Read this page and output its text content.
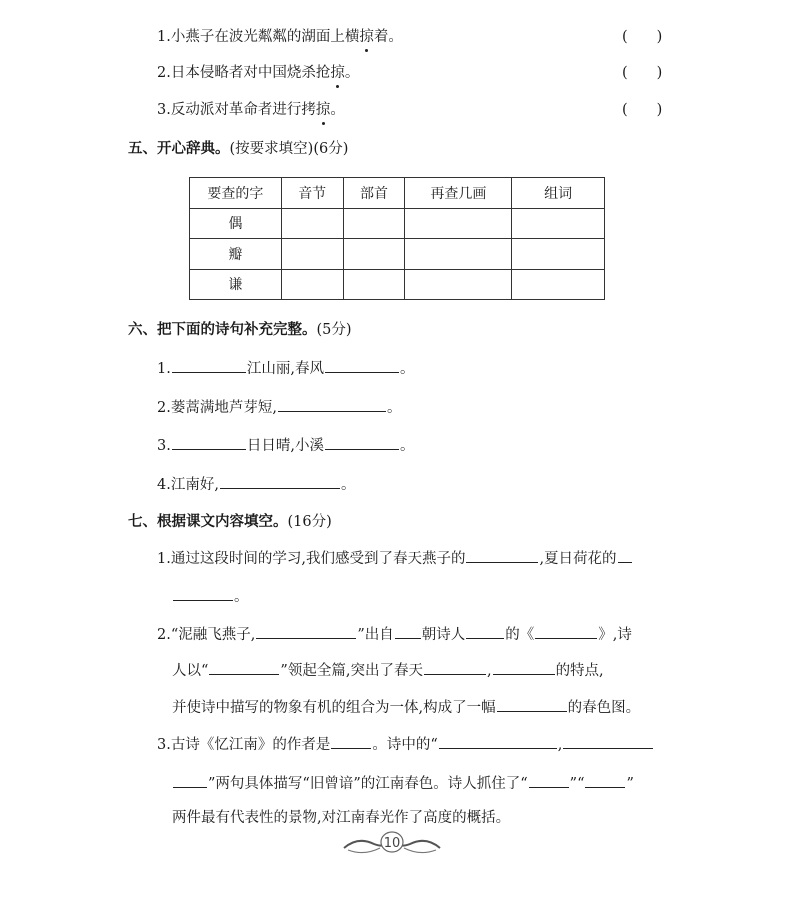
1.小燕子在波光粼粼的湖面上横掠着。	(　　)
2.日本侵略者对中国烧杀抢掠。	(　　)
3.反动派对革命者进行拷掠。	(　　)
五、开心辞典。(按要求填空)(6分)
要查的字	音节	部首	再查几画	组词
偶				
瓣				
谦				
六、把下面的诗句补充完整。(5分)
1.	江山丽,春风	。
2.蒌蒿满地芦芽短,	。
3.	日日晴,小溪	。
4.江南好,	。
七、根据课文内容填空。(16分)
1.通过这段时间的学习,我们感受到了春天燕子的	,夏日荷花的
。
2.“泥融飞燕子,	”出自 朝诗人	的《	》,诗
人以“	”领起全篇,突出了春天	,	的特点,
并使诗中描写的物象有机的组合为一体,构成了一幅	的春色图。
3.古诗《忆江南》的作者是	。诗中的“	,
”两句具体描写“旧曾谙”的江南春色。诗人抓住了“	”“	”
两件最有代表性的景物,对江南春光作了高度的概括。
10
